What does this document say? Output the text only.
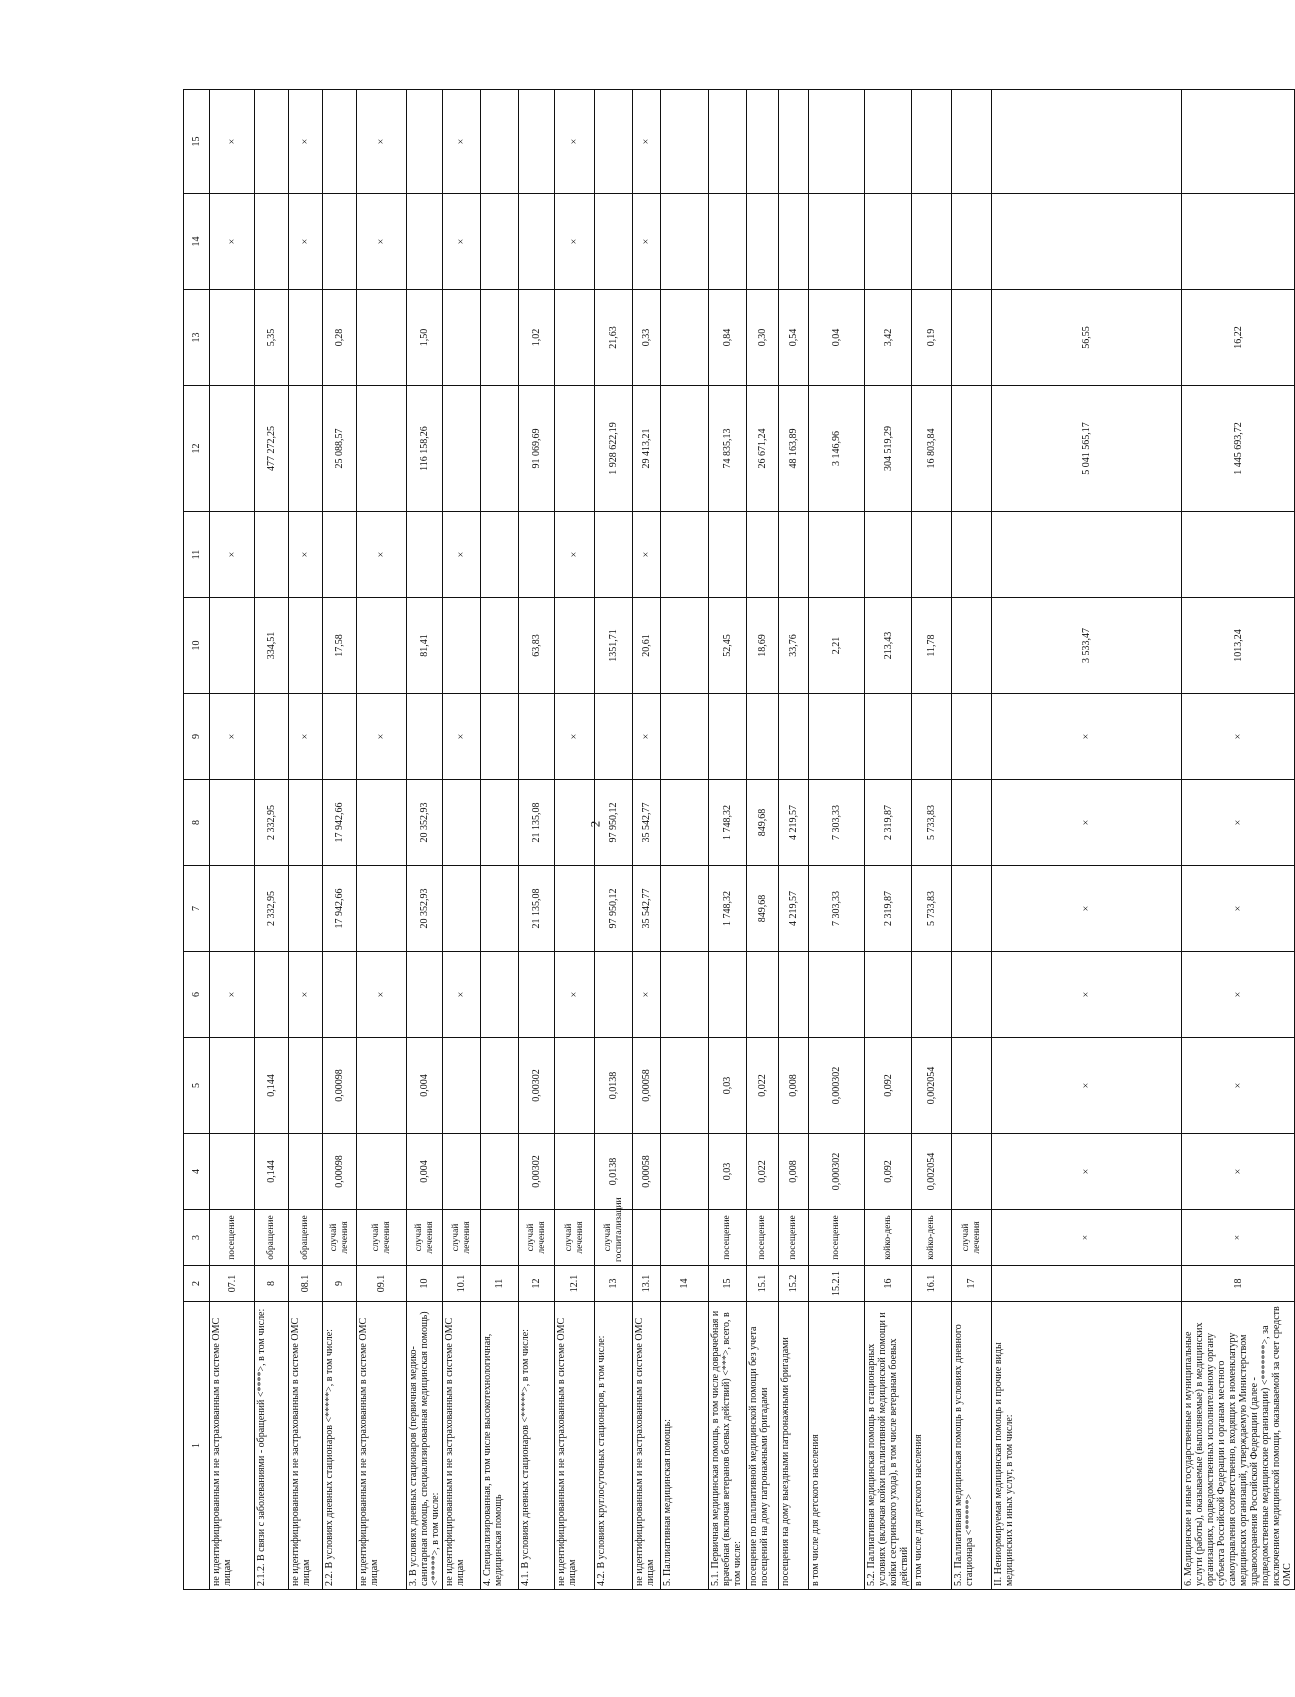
2
1	2	3	4	5	6	7	8	9	10	11	12	13	14	15
не идентифицированным и не застрахованным в системе ОМС лицам	07.1	посещение			×			×		×			×	×
2.1.2. В связи с заболеваниями - обращений <****>, в том числе:	8	обращение	0,144	0,144		2 332,95	2 332,95		334,51		477 272,25	5,35		
не идентифицированным и не застрахованным в системе ОМС лицам	08.1	обращение			×			×		×			×	×
2.2. В условиях дневных стационаров <*****>, в том числе:	9	случай лечения	0,00098	0,00098		17 942,66	17 942,66		17,58		25 088,57	0,28		
не идентифицированным и не застрахованным в системе ОМС лицам	09.1	случай лечения			×			×		×			×	×
3. В условиях дневных стационаров (первичная медико-санитарная помощь, специализированная медицинская помощь) <*****>, в том числе:	10	случай лечения	0,004	0,004		20 352,93	20 352,93		81,41		116 158,26	1,50		
не идентифицированным и не застрахованным в системе ОМС лицам	10.1	случай лечения			×			×		×			×	×
4. Специализированная, в том числе высокотехнологичная, медицинская помощь	11													
4.1. В условиях дневных стационаров <*****>, в том числе:	12	случай лечения	0,00302	0,00302		21 135,08	21 135,08		63,83		91 069,69	1,02		
не идентифицированным и не застрахованным в системе ОМС лицам	12.1	случай лечения			×			×		×			×	×
4.2. В условиях круглосуточных стационаров, в том числе:	13	случай госпитализации	0,0138	0,0138		97 950,12	97 950,12		1351,71		1 928 622,19	21,63		
не идентифицированным и не застрахованным в системе ОМС лицам	13.1		0,00058	0,00058	×	35 542,77	35 542,77	×	20,61	×	29 413,21	0,33	×	×
5. Паллиативная медицинская помощь:	14													
5.1. Первичная медицинская помощь, в том числе доврачебная и врачебная (включая ветеранов боевых действий) <***>, всего, в том числе:	15	посещение	0,03	0,03		1 748,32	1 748,32		52,45		74 835,13	0,84		
посещение по паллиативной медицинской помощи без учета посещений на дому патронажными бригадами	15.1	посещение	0,022	0,022		849,68	849,68		18,69		26 671,24	0,30		
посещения на дому выездными патронажными бригадами	15.2	посещение	0,008	0,008		4 219,57	4 219,57		33,76		48 163,89	0,54		
в том числе для детского населения	15.2.1	посещение	0,000302	0,000302		7 303,33	7 303,33		2,21		3 146,96	0,04		
5.2. Паллиативная медицинская помощь в стационарных условиях (включая койки паллиативной медицинской помощи и койки сестринского ухода), в том числе ветеранам боевых действий	16	койко-день	0,092	0,092		2 319,87	2 319,87		213,43		304 519,29	3,42		
в том числе для детского населения	16.1	койко-день	0,002054	0,002054		5 733,83	5 733,83		11,78		16 803,84	0,19		
5.3. Паллиативная медицинская помощь в условиях дневного стационара <******>	17	случай лечения												
II. Нениормируемая медицинская помощь и прочие виды медицинских и иных услуг, в том числе:		×	×	×	×	×	×	×	3 533,47		5 041 565,17	56,55		
6. Медицинские и иные государственные и муниципальные услуги (работы), оказываемые (выполняемые) в медицинских организациях, подведомственных исполнительному органу субъекта Российской Федерации и органам местного самоуправления соответственно, входящих в номенклатуру медицинских организаций, утверждаемую Министерством здравоохранения Российской Федерации (далее - подведомственные медицинские организации) <*******>, за исключением медицинской помощи, оказываемой за счет средств ОМС	18	×	×	×	×	×	×	×	1013,24		1 445 693,72	16,22		
